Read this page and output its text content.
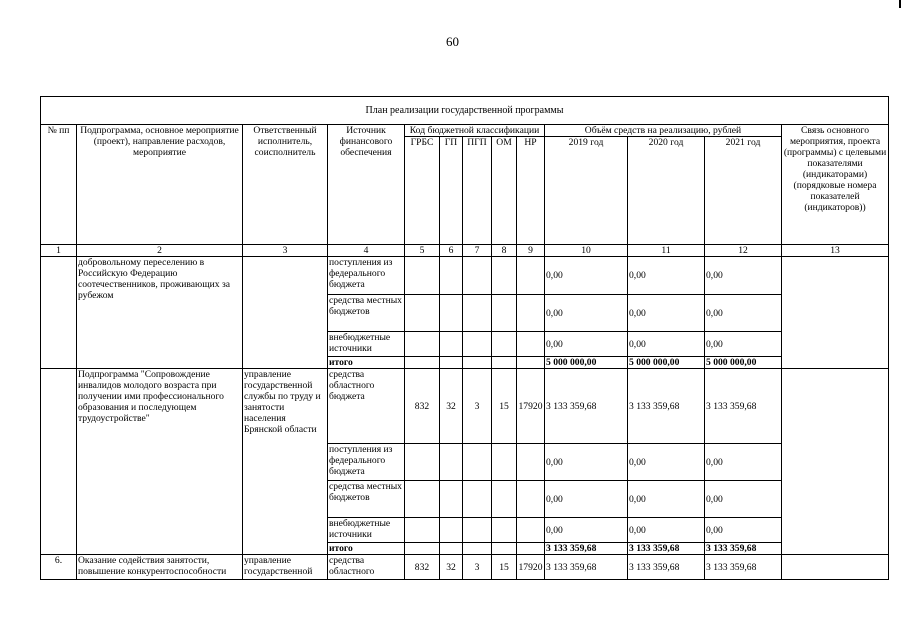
60
План реализации государственной программы												
№ пп	Подпрограмма, основное мероприятие (проект), направление расходов, мероприятие	Ответственный исполнитель, соисполнитель	Источник финансового обеспечения	Код бюджетной классификации					Объём средств на реализацию, рублей			Связь основного мероприятия, проекта (программы) с целевыми показателями (индикаторами) (порядковые номера показателей (индикаторов))
				ГРБС	ГП	ПГП	ОМ	НР	2019 год	2020 год	2021 год	
1	2	3	4	5	6	7	8	9	10	11	12	13
	добровольному переселению в Российскую Федерацию соотечественников, проживающих за рубежом		поступления из федерального бюджета						0,00	0,00	0,00	
			средства местных бюджетов						0,00	0,00	0,00	
			внебюджетные источники						0,00	0,00	0,00	
			итого						5 000 000,00	5 000 000,00	5 000 000,00	
	Подпрограмма "Сопровождение инвалидов молодого возраста при получении ими профессионального образования и последующем трудоустройстве"	управление государственной службы по труду и занятости населения Брянской области	средства областного бюджета	832	32	3	15	17920	3 133 359,68	3 133 359,68	3 133 359,68	
			поступления из федерального бюджета						0,00	0,00	0,00	
			средства местных бюджетов						0,00	0,00	0,00	
			внебюджетные источники						0,00	0,00	0,00	
			итого						3 133 359,68	3 133 359,68	3 133 359,68	
6.	Оказание содействия занятости, повышение конкурентоспособности	управление государственной	средства областного	832	32	3	15	17920	3 133 359,68	3 133 359,68	3 133 359,68	
